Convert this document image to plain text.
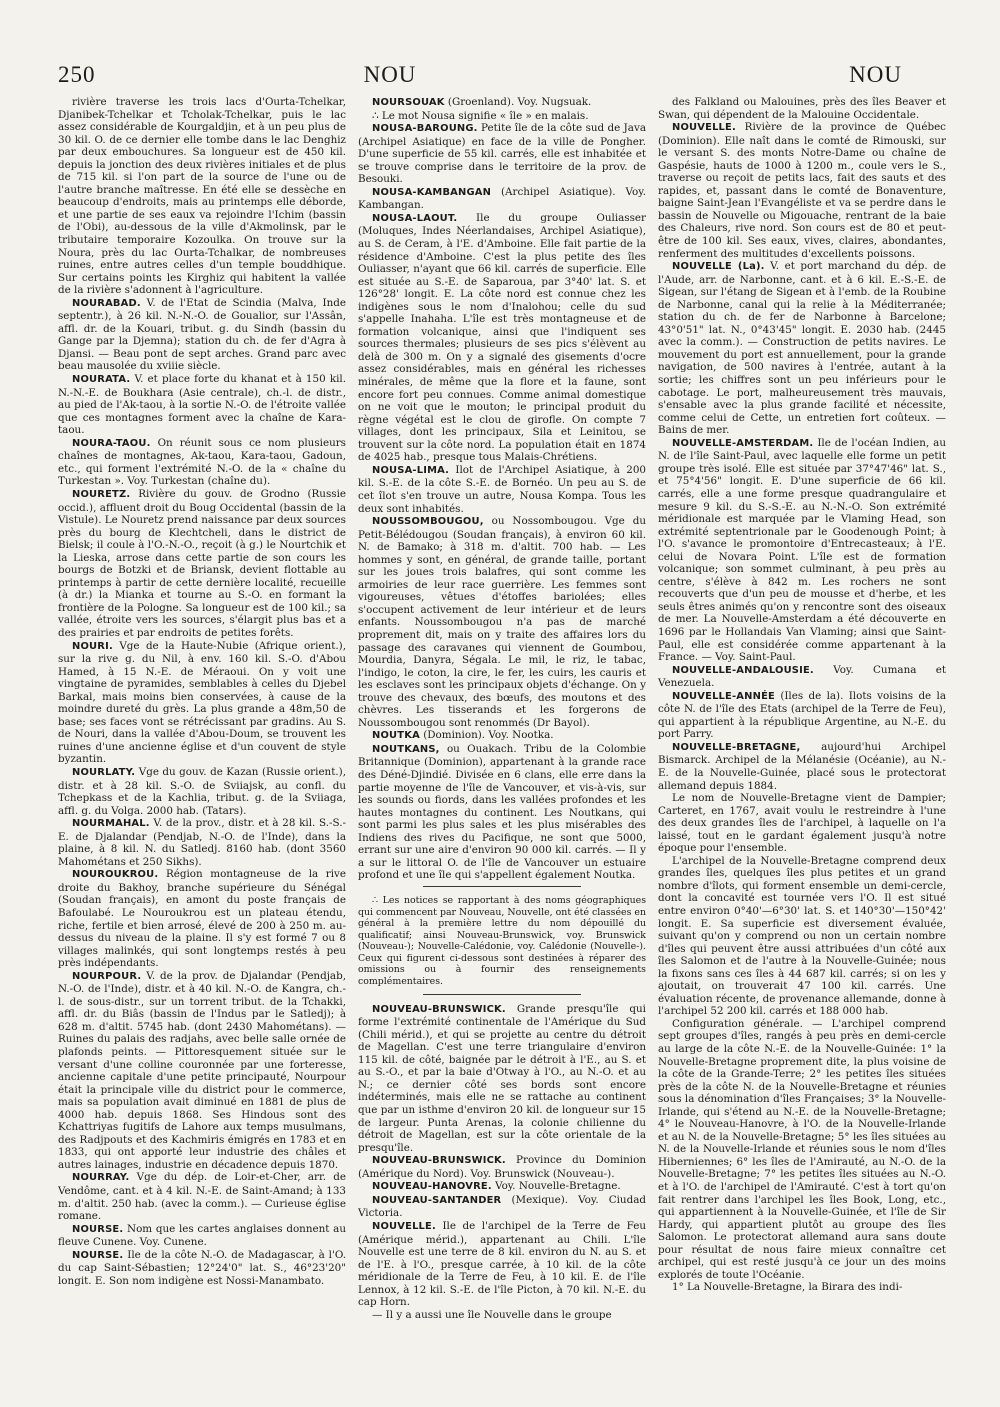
250	NOU	NOU

rivière traverse les trois lacs d'Ourta-Tchelkar, Djanibek-Tchelkar et Tcholak-Tchelkar, puis le lac assez considérable de Kourgaldjin, et à un peu plus de 30 kil. O. de ce dernier elle tombe dans le lac Denghiz par deux embouchures. Sa longueur est de 450 kil. depuis la jonction des deux rivières initiales et de plus de 715 kil. si l'on part de la source de l'une ou de l'autre branche maîtresse. En été elle se dessèche en beaucoup d'endroits, mais au printemps elle déborde, et une partie de ses eaux va rejoindre l'Ichim (bassin de l'Obi), au-dessous de la ville d'Akmolinsk, par le tributaire temporaire Kozoulka. On trouve sur la Noura, près du lac Ourta-Tchalkar, de nombreuses ruines, entre autres celles d'un temple bouddhique. Sur certains points les Kirghiz qui habitent la vallée de la rivière s'adonnent à l'agriculture.

NOURABAD. V. de l'Etat de Scindia (Malva, Inde septentr.), à 26 kil. N.-N.-O. de Goualior, sur l'Assân, affl. dr. de la Kouari, tribut. g. du Sindh (bassin du Gange par la Djemna); station du ch. de fer d'Agra à Djansi. — Beau pont de sept arches. Grand parc avec beau mausolée du xviiie siècle.

NOURATA. V. et place forte du khanat et à 150 kil. N.-N.-E. de Boukhara (Asie centrale), ch.-l. de distr., au pied de l'Ak-taou, à la sortie N.-O. de l'étroite vallée que ces montagnes forment avec la chaîne de Kara-taou.

NOURA-TAOU. On réunit sous ce nom plusieurs chaînes de montagnes, Ak-taou, Kara-taou, Gadoun, etc., qui forment l'extrémité N.-O. de la « chaîne du Turkestan ». Voy. Turkestan (chaîne du).

NOURETZ. Rivière du gouv. de Grodno (Russie occid.), affluent droit du Boug Occidental (bassin de la Vistule). Le Nouretz prend naissance par deux sources près du bourg de Klechtcheli, dans le district de Bielsk; il coule à l'O.-N.-O., reçoit (à g.) le Nourtchik et la Lieska, arrose dans cette partie de son cours les bourgs de Botzki et de Briansk, devient flottable au printemps à partir de cette dernière localité, recueille (à dr.) la Mianka et tourne au S.-O. en formant la frontière de la Pologne. Sa longueur est de 100 kil.; sa vallée, étroite vers les sources, s'élargit plus bas et a des prairies et par endroits de petites forêts.

NOURI. Vge de la Haute-Nubie (Afrique orient.), sur la rive g. du Nil, à env. 160 kil. S.-O. d'Abou Hamed, à 15 N.-E. de Méraoui. On y voit une vingtaine de pyramides, semblables à celles du Djebel Barkal, mais moins bien conservées, à cause de la moindre dureté du grès. La plus grande a 48m,50 de base; ses faces vont se rétrécissant par gradins. Au S. de Nouri, dans la vallée d'Abou-Doum, se trouvent les ruines d'une ancienne église et d'un couvent de style byzantin.

NOURLATY. Vge du gouv. de Kazan (Russie orient.), distr. et à 28 kil. S.-O. de Sviiajsk, au confl. du Tchepkass et de la Kachlia, tribut. g. de la Sviiaga, affl. g. du Volga. 2000 hab. (Tatars).

NOURMAHAL. V. de la prov., distr. et à 28 kil. S.-S.-E. de Djalandar (Pendjab, N.-O. de l'Inde), dans la plaine, à 8 kil. N. du Satledj. 8160 hab. (dont 3560 Mahométans et 250 Sikhs).

NOUROUKROU. Région montagneuse de la rive droite du Bakhoy, branche supérieure du Sénégal (Soudan français), en amont du poste français de Bafoulabé. Le Nouroukrou est un plateau étendu, riche, fertile et bien arrosé, élevé de 200 à 250 m. au-dessus du niveau de la plaine. Il s'y est formé 7 ou 8 villages malinkés, qui sont longtemps restés à peu près indépendants.

NOURPOUR. V. de la prov. de Djalandar (Pendjab, N.-O. de l'Inde), distr. et à 40 kil. N.-O. de Kangra, ch.-l. de sous-distr., sur un torrent tribut. de la Tchakki, affl. dr. du Biâs (bassin de l'Indus par le Satledj); à 628 m. d'altit. 5745 hab. (dont 2430 Mahométans). — Ruines du palais des radjahs, avec belle salle ornée de plafonds peints. — Pittoresquement située sur le versant d'une colline couronnée par une forteresse, ancienne capitale d'une petite principauté, Nourpour était la principale ville du district pour le commerce, mais sa population avait diminué en 1881 de plus de 4000 hab. depuis 1868. Ses Hindous sont des Kchattriyas fugitifs de Lahore aux temps musulmans, des Radjpouts et des Kachmiris émigrés en 1783 et en 1833, qui ont apporté leur industrie des châles et autres lainages, industrie en décadence depuis 1870.

NOURRAY. Vge du dép. de Loir-et-Cher, arr. de Vendôme, cant. et à 4 kil. N.-E. de Saint-Amand; à 133 m. d'altit. 250 hab. (avec la comm.). — Curieuse église romane.

NOURSE. Nom que les cartes anglaises donnent au fleuve Cunene. Voy. Cunene.

NOURSE. Ile de la côte N.-O. de Madagascar, à l'O. du cap Saint-Sébastien; 12°24'0" lat. S., 46°23'20" longit. E. Son nom indigène est Nossi-Manambato.

NOURSOUAK (Groenland). Voy. Nugsuak.

∴ Le mot Nousa signifie « île » en malais.

NOUSA-BAROUNG. Petite île de la côte sud de Java (Archipel Asiatique) en face de la ville de Pongher. D'une superficie de 55 kil. carrés, elle est inhabitée et se trouve comprise dans le territoire de la prov. de Besouki.

NOUSA-KAMBANGAN (Archipel Asiatique). Voy. Kambangan.

NOUSA-LAOUT. Ile du groupe Ouliasser (Moluques, Indes Néerlandaises, Archipel Asiatique), au S. de Ceram, à l'E. d'Amboine. Elle fait partie de la résidence d'Amboine. C'est la plus petite des îles Ouliasser, n'ayant que 66 kil. carrés de superficie. Elle est située au S.-E. de Saparoua, par 3°40' lat. S. et 126°28' longit. E. La côte nord est connue chez les indigènes sous le nom d'Inalohou; celle du sud s'appelle Inahaha. L'île est très montagneuse et de formation volcanique, ainsi que l'indiquent ses sources thermales; plusieurs de ses pics s'élèvent au delà de 300 m. On y a signalé des gisements d'ocre assez considérables, mais en général les richesses minérales, de même que la flore et la faune, sont encore fort peu connues. Comme animal domestique on ne voit que le mouton; le principal produit du règne végétal est le clou de girofle. On compte 7 villages, dont les principaux, Sila et Leinitou, se trouvent sur la côte nord. La population était en 1874 de 4025 hab., presque tous Malais-Chrétiens.

NOUSA-LIMA. Ilot de l'Archipel Asiatique, à 200 kil. S.-E. de la côte S.-E. de Bornéo. Un peu au S. de cet îlot s'en trouve un autre, Nousa Kompa. Tous les deux sont inhabités.

NOUSSOMBOUGOU, ou Nossombougou. Vge du Petit-Bélédougou (Soudan français), à environ 60 kil. N. de Bamako; à 318 m. d'altit. 700 hab. — Les hommes y sont, en général, de grande taille, portant sur les joues trois balafres, qui sont comme les armoiries de leur race guerrière. Les femmes sont vigoureuses, vêtues d'étoffes bariolées; elles s'occupent activement de leur intérieur et de leurs enfants. Noussombougou n'a pas de marché proprement dit, mais on y traite des affaires lors du passage des caravanes qui viennent de Goumbou, Mourdia, Danyra, Ségala. Le mil, le riz, le tabac, l'indigo, le coton, la cire, le fer, les cuirs, les cauris et les esclaves sont les principaux objets d'échange. On y trouve des chevaux, des bœufs, des moutons et des chèvres. Les tisserands et les forgerons de Noussombougou sont renommés (Dr Bayol).

NOUTKA (Dominion). Voy. Nootka.

NOUTKANS, ou Ouakach. Tribu de la Colombie Britannique (Dominion), appartenant à la grande race des Déné-Djindié. Divisée en 6 clans, elle erre dans la partie moyenne de l'île de Vancouver, et vis-à-vis, sur les sounds ou fiords, dans les vallées profondes et les hautes montagnes du continent. Les Noutkans, qui sont parmi les plus sales et les plus misérables des Indiens des rives du Pacifique, ne sont que 5000, errant sur une aire d'environ 90 000 kil. carrés. — Il y a sur le littoral O. de l'île de Vancouver un estuaire profond et une île qui s'appellent également Noutka.

∴ Les notices se rapportant à des noms géographiques qui commencent par Nouveau, Nouvelle, ont été classées en général à la première lettre du nom dépouillé du qualificatif; ainsi Nouveau-Brunswick, voy. Brunswick (Nouveau-); Nouvelle-Calédonie, voy. Calédonie (Nouvelle-). Ceux qui figurent ci-dessous sont destinées à réparer des omissions ou à fournir des renseignements complémentaires.

NOUVEAU-BRUNSWICK. Grande presqu'île qui forme l'extrémité continentale de l'Amérique du Sud (Chili mérid.), et qui se projette au centre du détroit de Magellan. C'est une terre triangulaire d'environ 115 kil. de côté, baignée par le détroit à l'E., au S. et au S.-O., et par la baie d'Otway à l'O., au N.-O. et au N.; ce dernier côté ses bords sont encore indéterminés, mais elle ne se rattache au continent que par un isthme d'environ 20 kil. de longueur sur 15 de largeur. Punta Arenas, la colonie chilienne du détroit de Magellan, est sur la côte orientale de la presqu'île.

NOUVEAU-BRUNSWICK. Province du Dominion (Amérique du Nord). Voy. Brunswick (Nouveau-).

NOUVEAU-HANOVRE. Voy. Nouvelle-Bretagne.

NOUVEAU-SANTANDER (Mexique). Voy. Ciudad Victoria.

NOUVELLE. Ile de l'archipel de la Terre de Feu (Amérique mérid.), appartenant au Chili. L'île Nouvelle est une terre de 8 kil. environ du N. au S. et de l'E. à l'O., presque carrée, à 10 kil. de la côte méridionale de la Terre de Feu, à 10 kil. E. de l'île Lennox, à 12 kil. S.-E. de l'île Picton, à 70 kil. N.-E. du cap Horn.

— Il y a aussi une île Nouvelle dans le groupe

des Falkland ou Malouines, près des îles Beaver et Swan, qui dépendent de la Malouine Occidentale.

NOUVELLE. Rivière de la province de Québec (Dominion). Elle naît dans le comté de Rimouski, sur le versant S. des monts Notre-Dame ou chaîne de Gaspésie, hauts de 1000 à 1200 m., coule vers le S., traverse ou reçoit de petits lacs, fait des sauts et des rapides, et, passant dans le comté de Bonaventure, baigne Saint-Jean l'Evangéliste et va se perdre dans le bassin de Nouvelle ou Migouache, rentrant de la baie des Chaleurs, rive nord. Son cours est de 80 et peut-être de 100 kil. Ses eaux, vives, claires, abondantes, renferment des multitudes d'excellents poissons.

NOUVELLE (La). V. et port marchand du dép. de l'Aude, arr. de Narbonne, cant. et à 6 kil. E.-S.-E. de Sigean, sur l'étang de Sigean et à l'emb. de la Roubine de Narbonne, canal qui la relie à la Méditerranée; station du ch. de fer de Narbonne à Barcelone; 43°0'51" lat. N., 0°43'45" longit. E. 2030 hab. (2445 avec la comm.). — Construction de petits navires. Le mouvement du port est annuellement, pour la grande navigation, de 500 navires à l'entrée, autant à la sortie; les chiffres sont un peu inférieurs pour le cabotage. Le port, malheureusement très mauvais, s'ensable avec la plus grande facilité et nécessite, comme celui de Cette, un entretien fort coûteux. — Bains de mer.

NOUVELLE-AMSTERDAM. Ile de l'océan Indien, au N. de l'île Saint-Paul, avec laquelle elle forme un petit groupe très isolé. Elle est située par 37°47'46" lat. S., et 75°4'56" longit. E. D'une superficie de 66 kil. carrés, elle a une forme presque quadrangulaire et mesure 9 kil. du S.-S.-E. au N.-N.-O. Son extrémité méridionale est marquée par le Vlaming Head, son extrémité septentrionale par le Goodenough Point; à l'O. s'avance le promontoire d'Entrecasteaux; à l'E. celui de Novara Point. L'île est de formation volcanique; son sommet culminant, à peu près au centre, s'élève à 842 m. Les rochers ne sont recouverts que d'un peu de mousse et d'herbe, et les seuls êtres animés qu'on y rencontre sont des oiseaux de mer. La Nouvelle-Amsterdam a été découverte en 1696 par le Hollandais Van Vlaming; ainsi que Saint-Paul, elle est considérée comme appartenant à la France. — Voy. Saint-Paul.

NOUVELLE-ANDALOUSIE. Voy. Cumana et Venezuela.

NOUVELLE-ANNÉE (Iles de la). Ilots voisins de la côte N. de l'île des Etats (archipel de la Terre de Feu), qui appartient à la république Argentine, au N.-E. du port Parry.

NOUVELLE-BRETAGNE, aujourd'hui Archipel Bismarck. Archipel de la Mélanésie (Océanie), au N.-E. de la Nouvelle-Guinée, placé sous le protectorat allemand depuis 1884.

Le nom de Nouvelle-Bretagne vient de Dampier; Carteret, en 1767, avait voulu le restreindre à l'une des deux grandes îles de l'archipel, à laquelle on l'a laissé, tout en le gardant également jusqu'à notre époque pour l'ensemble.

L'archipel de la Nouvelle-Bretagne comprend deux grandes îles, quelques îles plus petites et un grand nombre d'îlots, qui forment ensemble un demi-cercle, dont la concavité est tournée vers l'O. Il est situé entre environ 0°40'—6°30' lat. S. et 140°30'—150°42' longit. E. Sa superficie est diversement évaluée, suivant qu'on y comprend ou non un certain nombre d'îles qui peuvent être aussi attribuées d'un côté aux îles Salomon et de l'autre à la Nouvelle-Guinée; nous la fixons sans ces îles à 44 687 kil. carrés; si on les y ajoutait, on trouverait 47 100 kil. carrés. Une évaluation récente, de provenance allemande, donne à l'archipel 52 200 kil. carrés et 188 000 hab.

Configuration générale. — L'archipel comprend sept groupes d'îles, rangés à peu près en demi-cercle au large de la côte N.-E. de la Nouvelle-Guinée: 1° la Nouvelle-Bretagne proprement dite, la plus voisine de la côte de la Grande-Terre; 2° les petites îles situées près de la côte N. de la Nouvelle-Bretagne et réunies sous la dénomination d'îles Françaises; 3° la Nouvelle-Irlande, qui s'étend au N.-E. de la Nouvelle-Bretagne; 4° le Nouveau-Hanovre, à l'O. de la Nouvelle-Irlande et au N. de la Nouvelle-Bretagne; 5° les îles situées au N. de la Nouvelle-Irlande et réunies sous le nom d'îles Hiberniennes; 6° les îles de l'Amirauté, au N.-O. de la Nouvelle-Bretagne; 7° les petites îles situées au N.-O. et à l'O. de l'archipel de l'Amirauté. C'est à tort qu'on fait rentrer dans l'archipel les îles Book, Long, etc., qui appartiennent à la Nouvelle-Guinée, et l'île de Sir Hardy, qui appartient plutôt au groupe des îles Salomon. Le protectorat allemand aura sans doute pour résultat de nous faire mieux connaître cet archipel, qui est resté jusqu'à ce jour un des moins explorés de toute l'Océanie.

1° La Nouvelle-Bretagne, la Birara des indi-
